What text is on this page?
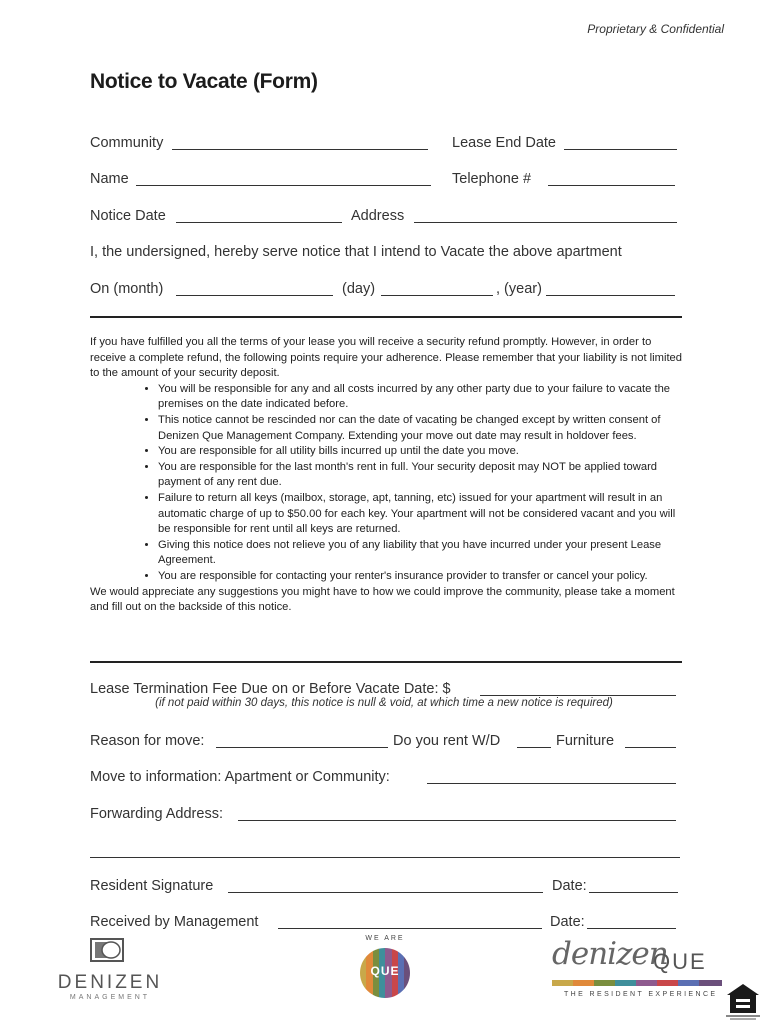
Proprietary & Confidential
Notice to Vacate (Form)
Community	Lease End Date
Name	Telephone #
Notice Date	Address
I, the undersigned, hereby serve notice that I intend to Vacate the above apartment
On (month)	(day)	, (year)

If you have fulfilled you all the terms of your lease you will receive a security refund promptly. However, in order to receive a complete refund, the following points require your adherence. Please remember that your liability is not limited to the amount of your security deposit.

• You will be responsible for any and all costs incurred by any other party due to your failure to vacate the premises on the date indicated before.
• This notice cannot be rescinded nor can the date of vacating be changed except by written consent of Denizen Que Management Company. Extending your move out date may result in holdover fees.
• You are responsible for all utility bills incurred up until the date you move.
• You are responsible for the last month's rent in full. Your security deposit may NOT be applied toward payment of any rent due.
• Failure to return all keys (mailbox, storage, apt, tanning, etc) issued for your apartment will result in an automatic charge of up to $50.00 for each key. Your apartment will not be considered vacant and you will be responsible for rent until all keys are returned.
• Giving this notice does not relieve you of any liability that you have incurred under your present Lease Agreement.
• You are responsible for contacting your renter's insurance provider to transfer or cancel your policy.

We would appreciate any suggestions you might have to how we could improve the community, please take a moment and fill out on the backside of this notice.

Lease Termination Fee Due on or Before Vacate Date: $
(if not paid within 30 days, this notice is null & void, at which time a new notice is required)
Reason for move:	Do you rent W/D	Furniture
Move to information: Apartment or Community:
Forwarding Address:
Resident Signature	Date:
Received by Management	Date:
DENIZEN
MANAGEMENT
WE ARE
QUE	denizen
QUE
THE RESIDENT EXPERIENCE
